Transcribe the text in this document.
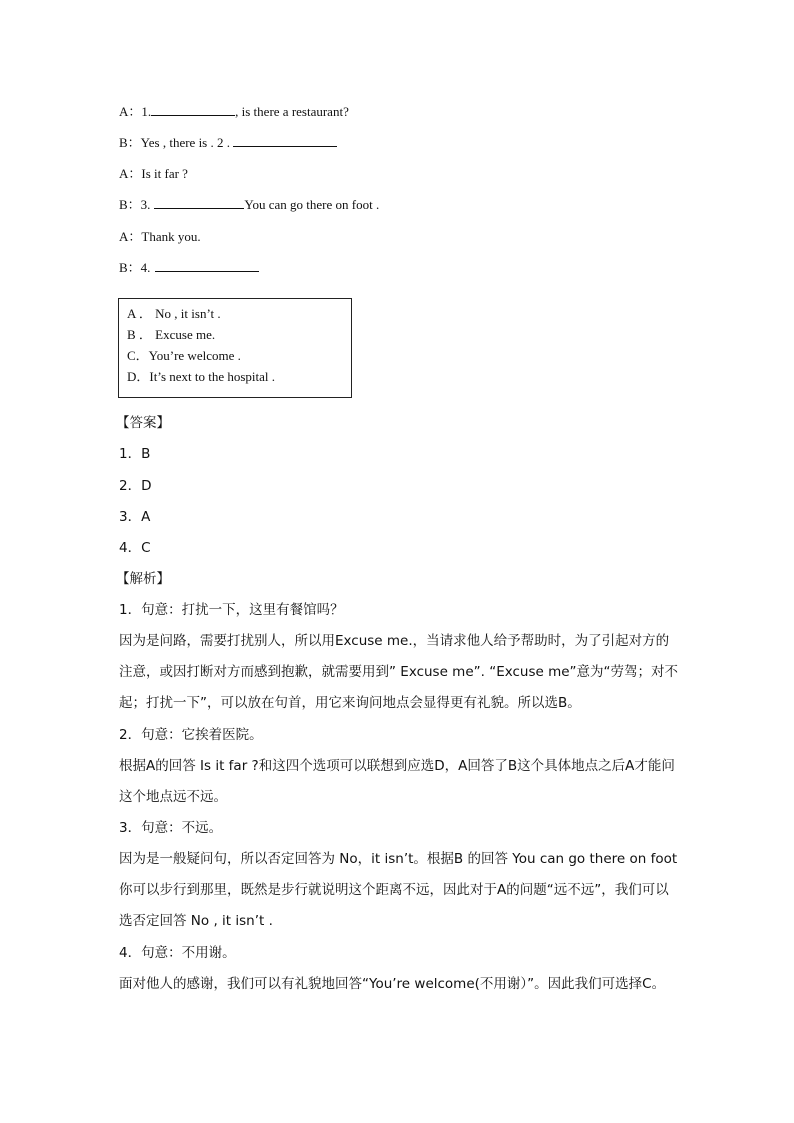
A：1.	, is there a restaurant?
B：Yes , there is . 2 .
A：Is it far ?
B：3.	You can go there on foot .
A：Thank you.
B：4.
A ． No , it isn’t .
B ． Excuse me.
C．You’re welcome .
D．It’s next to the hospital .
【答案】
1．B
2．D
3．A
4．C
【解析】
1．句意：打扰一下，这里有餐馆吗？
因为是问路，需要打扰别人，所以用Excuse me.，当请求他人给予帮助时，为了引起对方的注意，或因打断对方而感到抱歉，就需要用到” Excuse me”. “Excuse me”意为“劳驾；对不起；打扰一下”，可以放在句首，用它来询问地点会显得更有礼貌。所以选B。
2．句意：它挨着医院。
根据A的回答 Is it far ?和这四个选项可以联想到应选D，A回答了B这个具体地点之后A才能问这个地点远不远。
3．句意：不远。
因为是一般疑问句，所以否定回答为 No，it isn’t。根据B 的回答 You can go there on foot你可以步行到那里，既然是步行就说明这个距离不远，因此对于A的问题“远不远”，我们可以选否定回答 No , it isn’t .
4．句意：不用谢。
面对他人的感谢，我们可以有礼貌地回答“You’re welcome(不用谢）”。因此我们可选择C。
